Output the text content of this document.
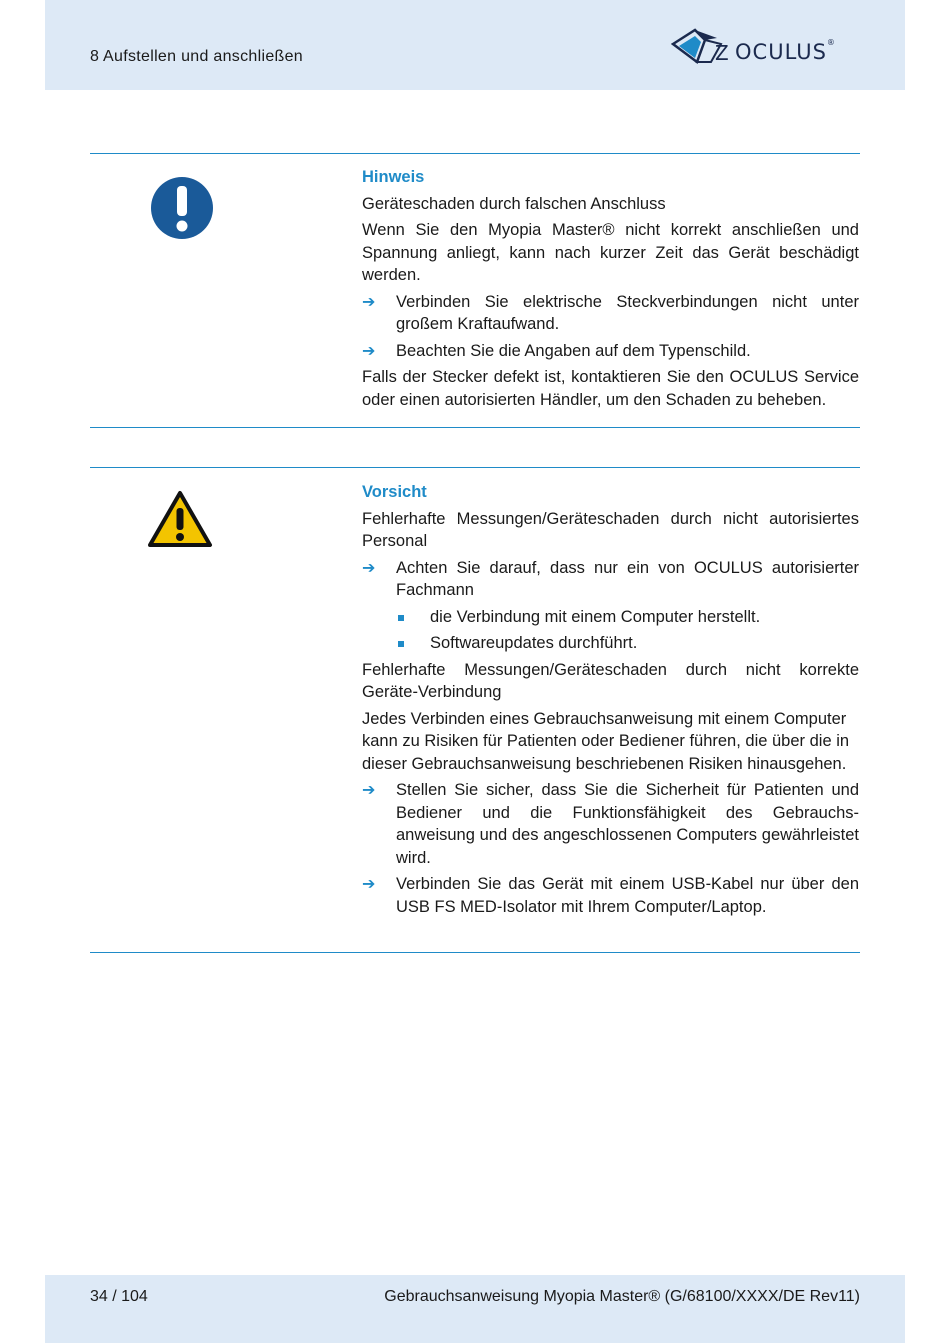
8 Aufstellen und anschließen	Z OCULUS®
Hinweis

Geräteschaden durch falschen Anschluss

Wenn Sie den Myopia Master® nicht korrekt anschließen und Spannung anliegt, kann nach kurzer Zeit das Gerät beschädigt werden.

➔ Verbinden Sie elektrische Steckverbindungen nicht unter großem Kraftaufwand.
➔ Beachten Sie die Angaben auf dem Typenschild.

Falls der Stecker defekt ist, kontaktieren Sie den OCULUS Service oder einen autorisierten Händler, um den Schaden zu beheben.

Vorsicht

Fehlerhafte Messungen/Geräteschaden durch nicht autorisiertes Personal

➔ Achten Sie darauf, dass nur ein von OCULUS autorisierter Fachmann
die Verbindung mit einem Computer herstellt.
Softwareupdates durchführt.

Fehlerhafte Messungen/Geräteschaden durch nicht korrekte Geräte-Verbindung

Jedes Verbinden eines Gebrauchsanweisung mit einem Computer kann zu Risiken für Patienten oder Bediener führen, die über die in dieser Gebrauchsanweisung beschriebenen Risiken hinausgehen.

➔ Stellen Sie sicher, dass Sie die Sicherheit für Patienten und Bediener und die Funktionsfähigkeit des Gebrauchs-anweisung und des angeschlossenen Computers gewährleistet wird.
➔ Verbinden Sie das Gerät mit einem USB-Kabel nur über den USB FS MED-Isolator mit Ihrem Computer/Laptop.
34 / 104	Gebrauchsanweisung Myopia Master® (G/68100/XXXX/DE Rev11)
